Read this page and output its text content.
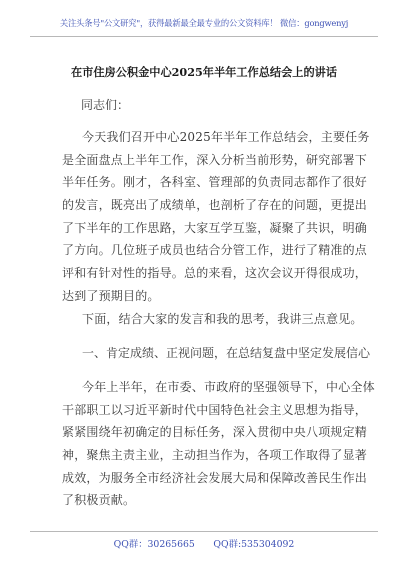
关注头条号"公文研究"，获得最新最全最专业的公文资料库！ 微信：gongwenyj
在市住房公积金中心2025年半年工作总结会上的讲话
同志们：
今天我们召开中心2025年半年工作总结会，主要任务
是全面盘点上半年工作，深入分析当前形势，研究部署下
半年任务。刚才，各科室、管理部的负责同志都作了很好
的发言，既亮出了成绩单，也剖析了存在的问题，更提出
了下半年的工作思路，大家互学互鉴，凝聚了共识，明确
了方向。几位班子成员也结合分管工作，进行了精准的点
评和有针对性的指导。总的来看，这次会议开得很成功，
达到了预期目的。
下面，结合大家的发言和我的思考，我讲三点意见。
一、肯定成绩、正视问题，在总结复盘中坚定发展信心
今年上半年，在市委、市政府的坚强领导下，中心全体
干部职工以习近平新时代中国特色社会主义思想为指导，
紧紧围绕年初确定的目标任务，深入贯彻中央八项规定精
神，聚焦主责主业，主动担当作为，各项工作取得了显著
成效，为服务全市经济社会发展大局和保障改善民生作出
了积极贡献。
QQ群：30265665　　QQ群:535304092
